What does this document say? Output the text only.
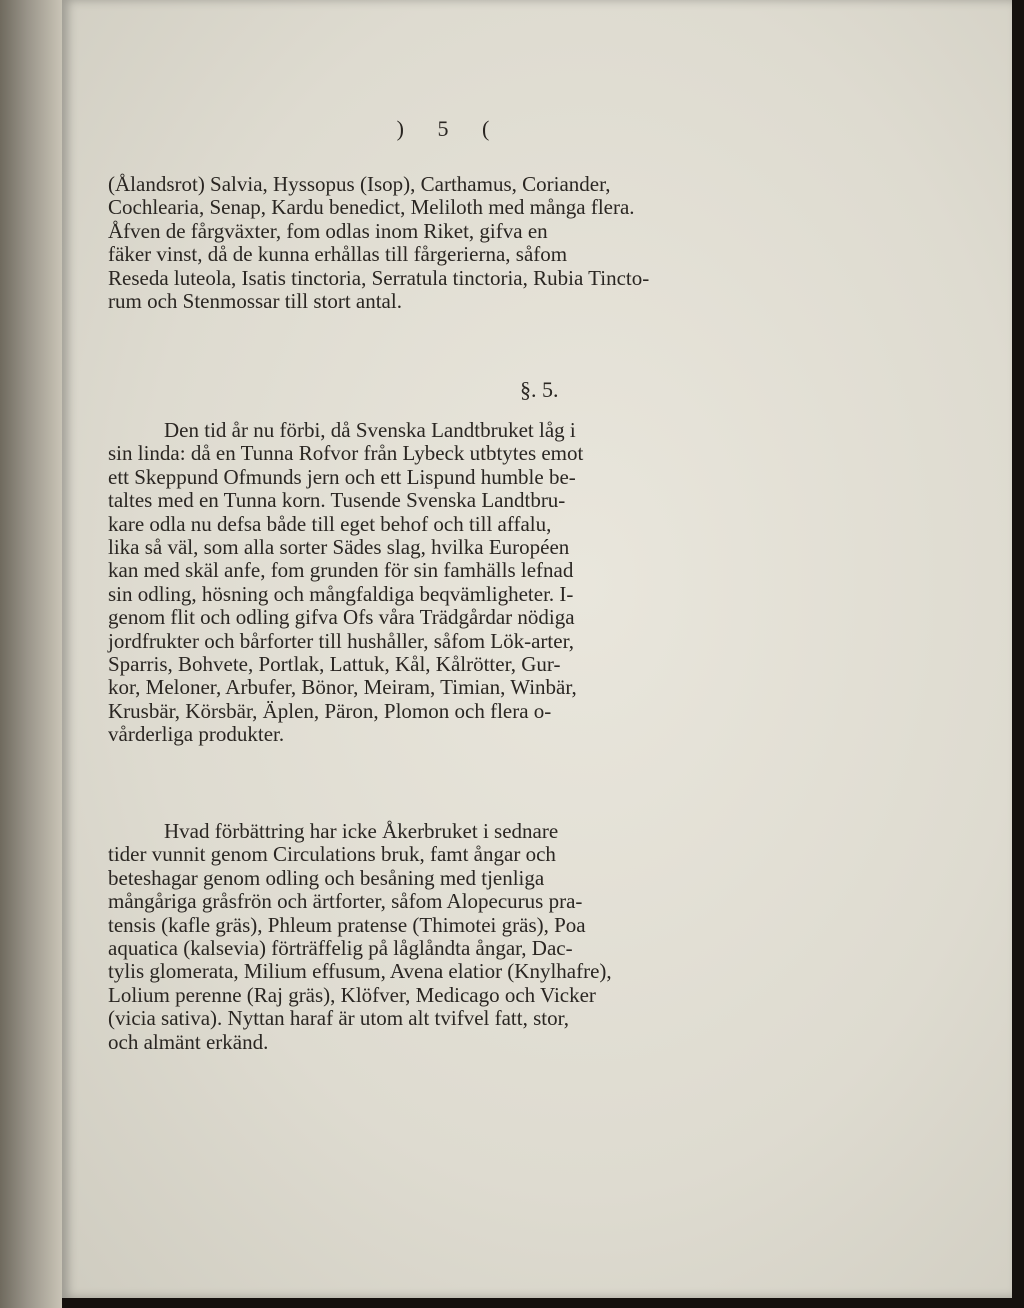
) 5 (
§. 5.
(Ålandsrot) Salvia, Hyssopus (Isop), Carthamus, Coriander,
Cochlearia, Senap, Kardu benedict, Meliloth med många flera.
Åfven de fårgväxter, fom odlas inom Riket, gifva en
fäker vinst, då de kunna erhållas till fårgerierna, såfom
Resedа luteola, Isatis tinctoria, Serratula tinctoria, Rubia Tincto-
rum och Stenmossar till stort antal.
Den tid år nu förbi, då Svenska Landtbruket låg i
sin linda: då en Tunna Rofvor från Lybeck utbtytes emot
ett Skeppund Ofmunds jern och ett Lispund humble be-
taltes med en Tunna korn. Tusende Svenska Landtbru-
kare odla nu defsa både till eget behof och till affalu,
lika så väl, som alla sorter Sädes slag, hvilka Européen
kan med skäl anfe, fom grunden för sin famhälls lefnad
sin odling, hösning och mångfaldiga beqvämligheter. I-
genom flit och odling gifva Ofs våra Trädgårdar nödiga
jordfrukter och bårforter till hushåller, såfom Lök-arter,
Sparris, Bohvete, Portlak, Lattuk, Kål, Kålrötter, Gur-
kor, Meloner, Arbufer, Bönor, Meiram, Timian, Winbär,
Krusbär, Körsbär, Äplen, Päron, Plomon och flera o-
vårderliga produkter.
Hvad förbättring har icke Åkerbruket i sednare
tider vunnit genom Circulations bruk, famt ångar och
beteshagar genom odling och besåning med tjenliga
mångåriga gråsfrön och ärtforter, såfom Alopecurus pra-
tensis (kafle gräs), Phleum pratense (Thimotei gräs), Poa
aquatica (kalsevia) förträffelig på låglåndta ångar, Dac-
tylis glomerata, Milium effusum, Avena elatior (Knylhafre),
Lolium perenne (Raj gräs), Klöfver, Medicago och Vicker
(vicia sativa). Nyttan haraf är utom alt tvifvel fatt, stor,
och almänt erkänd.
